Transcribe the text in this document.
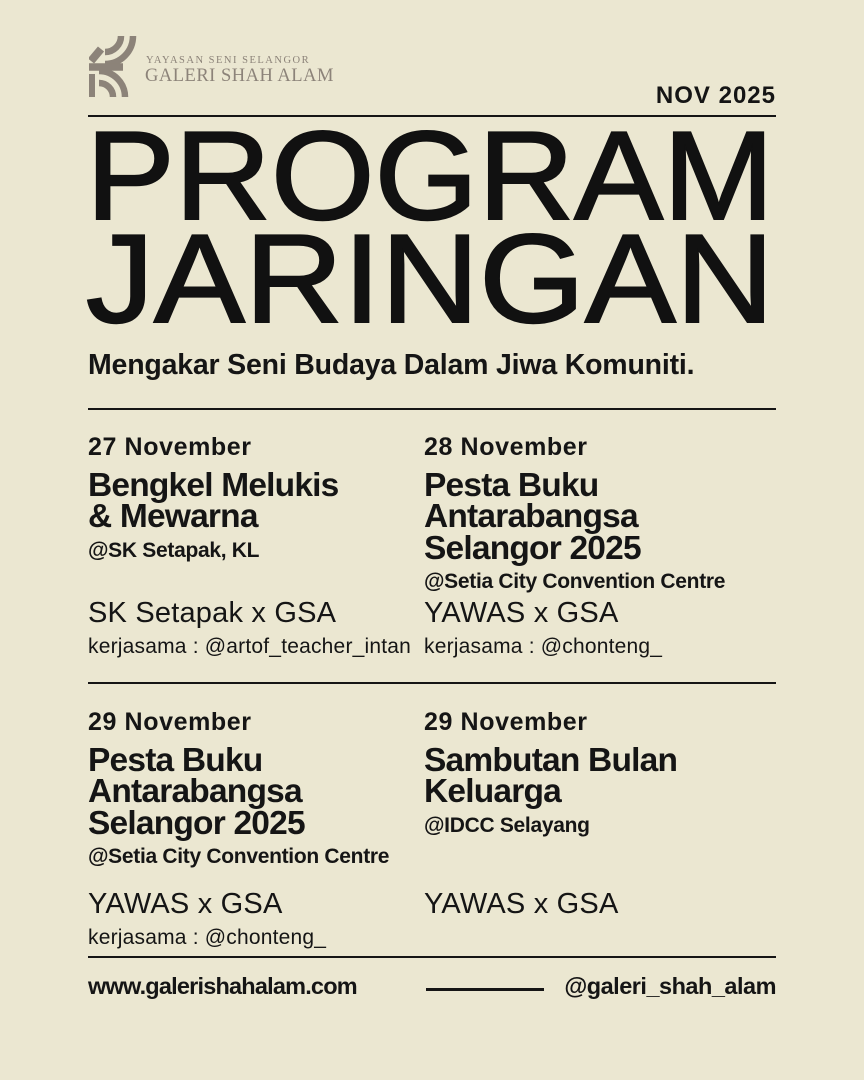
YAYASAN SENI SELANGOR
GALERI SHAH ALAM
NOV 2025
PROGRAM
JARINGAN
Mengakar Seni Budaya Dalam Jiwa Komuniti.
27 November
Bengkel Melukis
& Mewarna
@SK Setapak, KL
SK Setapak x GSA
kerjasama : @artof_teacher_intan
28 November
Pesta Buku
Antarabangsa
Selangor 2025
@Setia City Convention Centre
YAWAS x GSA
kerjasama : @chonteng_
29 November
Pesta Buku
Antarabangsa
Selangor 2025
@Setia City Convention Centre
YAWAS x GSA
kerjasama : @chonteng_
29 November
Sambutan Bulan
Keluarga
@IDCC Selayang
YAWAS x GSA
www.galerishahalam.com	@galeri_shah_alam
